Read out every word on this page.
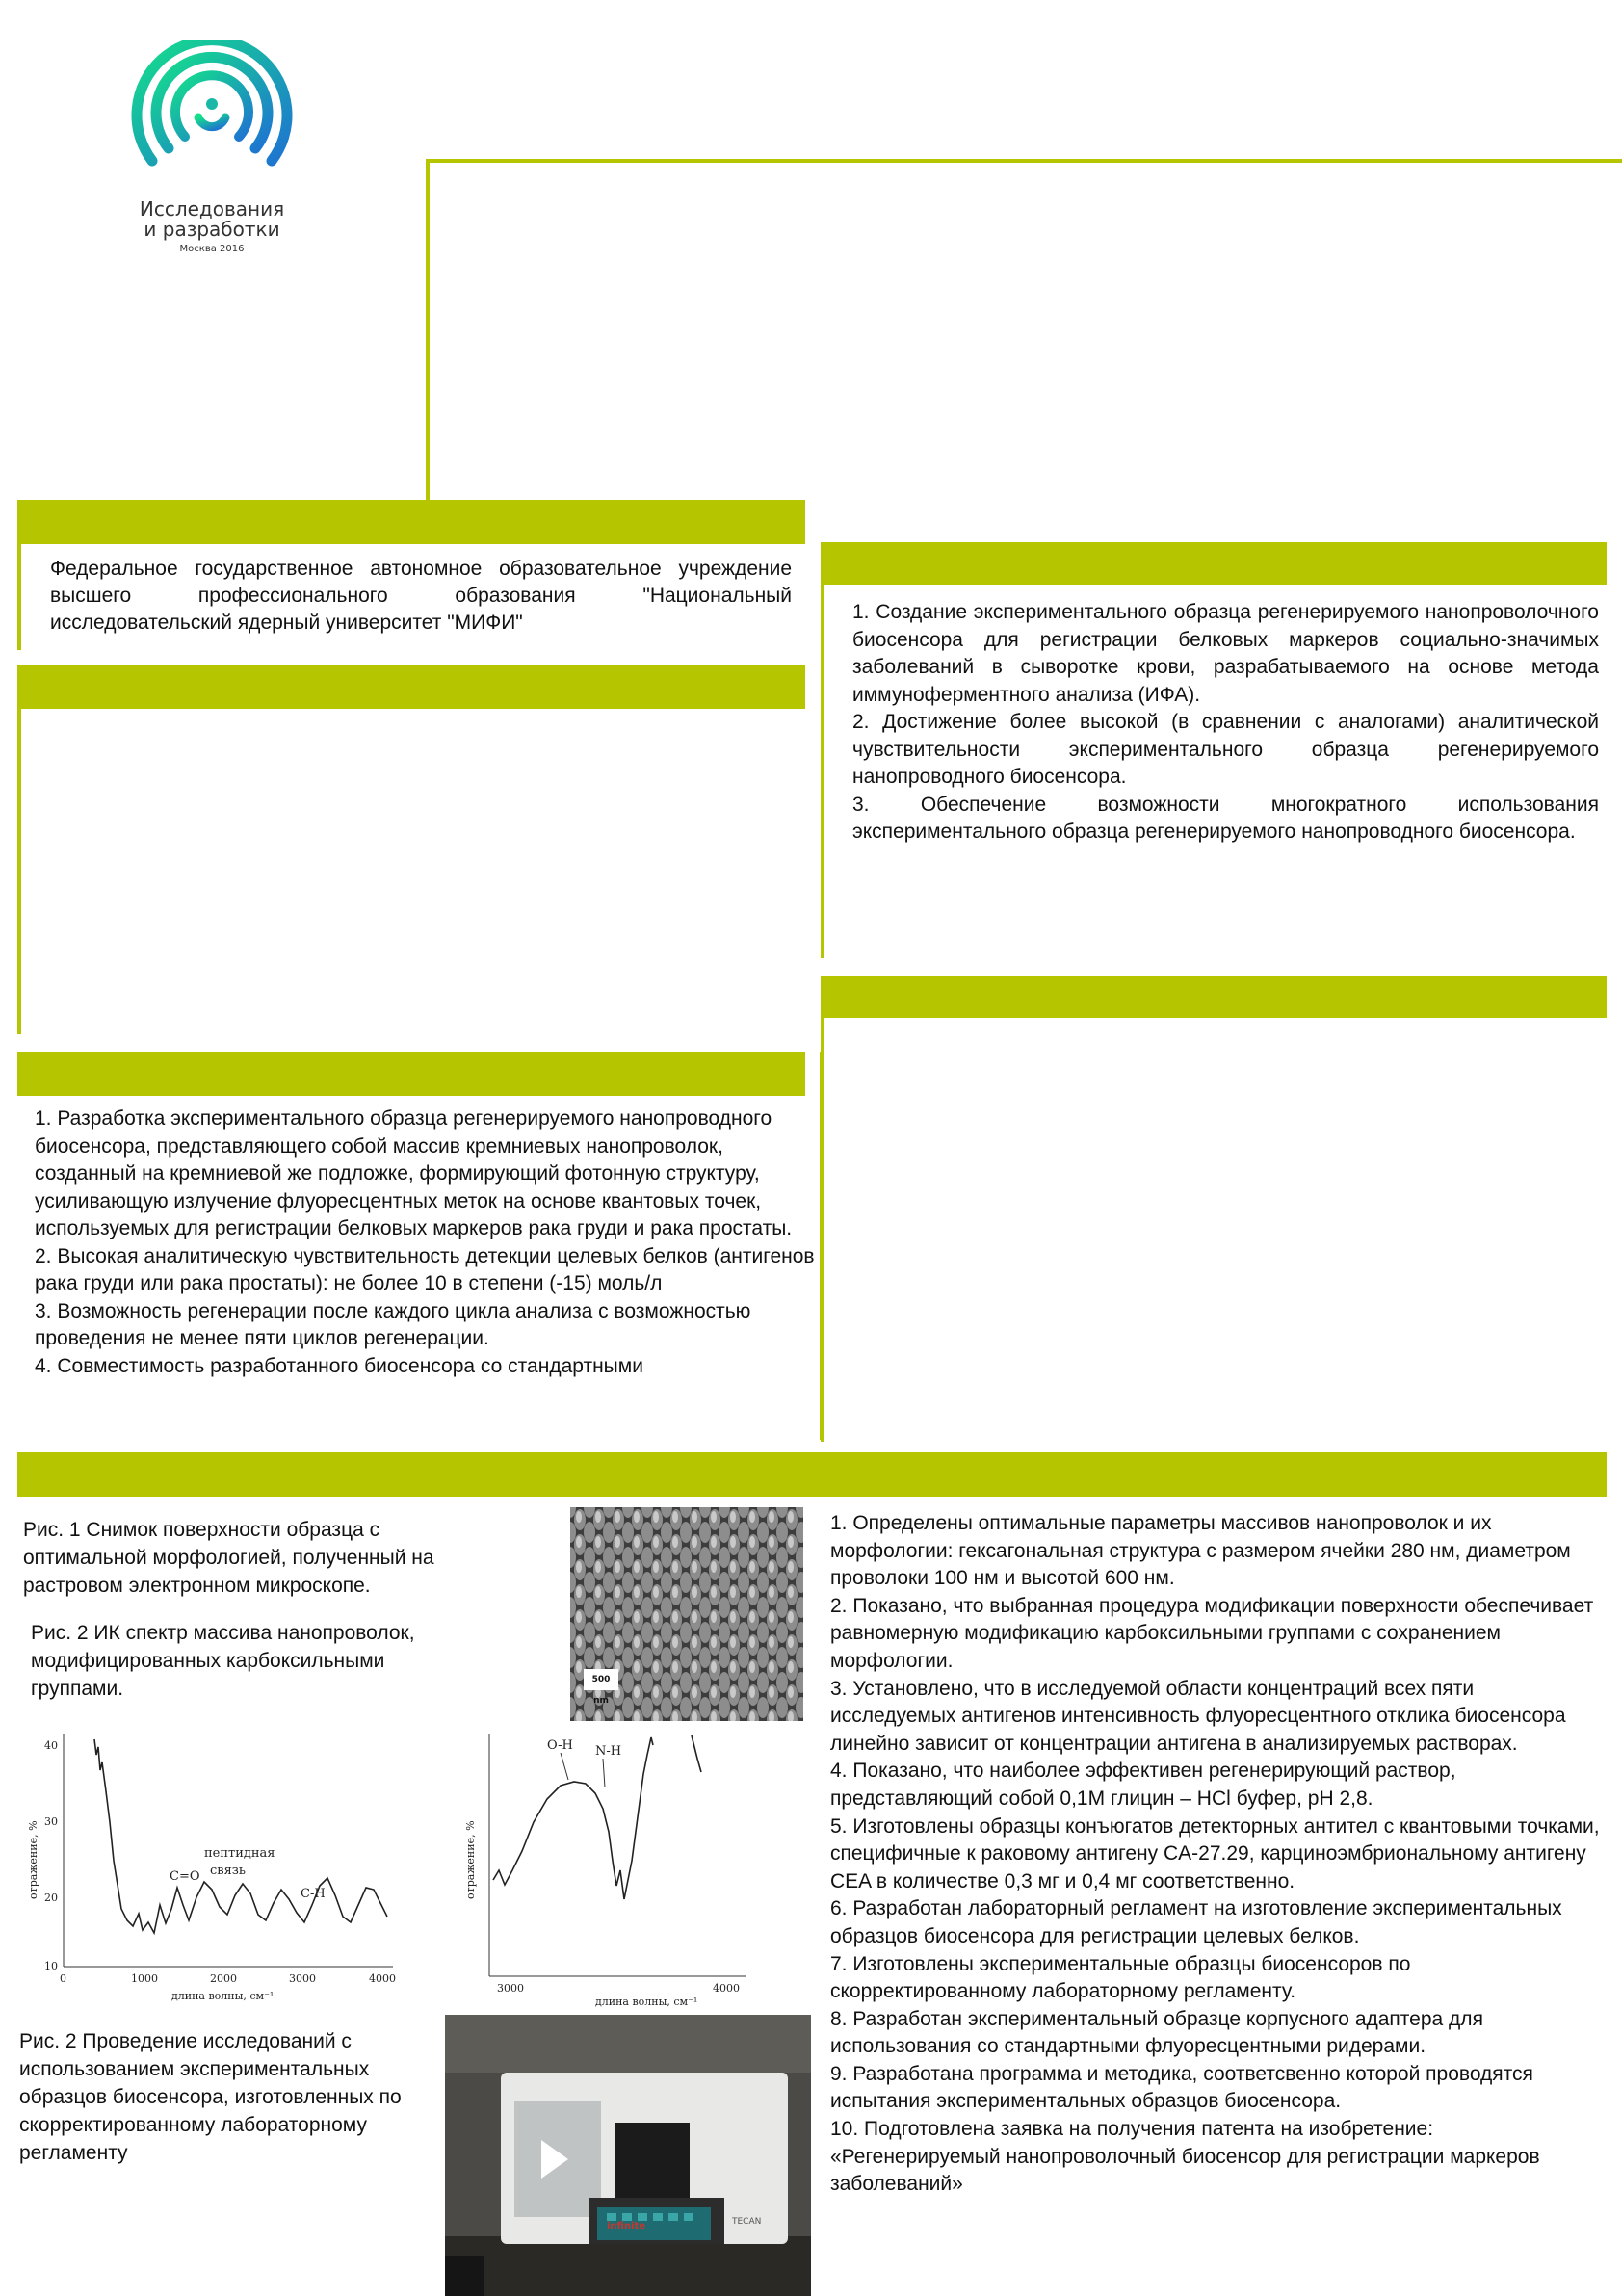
Исследования
и разработки
Москва 2016

Федеральное государственное автономное образовательное учреждение высшего профессионального образования "Национальный исследовательский ядерный университет "МИФИ"

1. Разработка экспериментального образца регенерируемого нанопроводного биосенсора, представляющего собой массив кремниевых нанопроволок, созданный на кремниевой же подложке, формирующий фотонную структуру, усиливающую излучение флуоресцентных меток на основе квантовых точек, используемых для регистрации белковых маркеров рака груди и рака простаты.

2. Высокая аналитическую чувствительность детекции целевых белков (антигенов рака груди или рака простаты): не более 10 в степени (-15) моль/л

3. Возможность регенерации после каждого цикла анализа с возможностью проведения не менее пяти циклов регенерации.

4. Совместимость разработанного биосенсора со стандартными

1. Создание экспериментального образца регенерируемого нанопроволочного биосенсора для регистрации белковых маркеров социально-значимых заболеваний в сыворотке крови, разрабатываемого на основе метода иммуноферментного анализа (ИФА).

2. Достижение более высокой (в сравнении с аналогами) аналитической чувствительности экспериментального образца регенерируемого нанопроводного биосенсора.

3. Обеспечение возможности многократного использования экспериментального образца регенерируемого нанопроводного биосенсора.

Рис. 1 Снимок поверхности образца с оптимальной морфологией, полученный на растровом электронном микроскопе.
Рис. 2 ИК спектр массива нанопроволок, модифицированных карбоксильными группами.
Рис. 2 Проведение исследований с использованием экспериментальных образцов биосенсора, изготовленных по скорректированному лабораторному регламенту
500 nm
40
30
20
10
0	1000	2000	3000	4000
длина волны, см⁻¹
отражение, %	C=O
пептидная
связь
C-H
3000	4000
длина волны, см⁻¹
отражение, %
O-H N-H
infinite	TECAN

1. Определены оптимальные параметры массивов нанопроволок и их морфологии: гексагональная структура с размером ячейки 280 нм, диаметром проволоки 100 нм и высотой 600 нм.

2. Показано, что выбранная процедура модификации поверхности обеспечивает равномерную модификацию карбоксильными группами с сохранением морфологии.

3. Установлено, что в исследуемой области концентраций всех пяти исследуемых антигенов интенсивность флуоресцентного отклика биосенсора линейно зависит от концентрации антигена в анализируемых растворах.

4. Показано, что наиболее эффективен регенерирующий раствор, представляющий собой 0,1М глицин – HCl буфер, pH 2,8.

5. Изготовлены образцы конъюгатов детекторных антител с квантовыми точками, специфичные к раковому антигену CA-27.29, карциноэмбриональному антигену CEA в количестве 0,3 мг и 0,4 мг соответственно.

6. Разработан лабораторный регламент на изготовление экспериментальных образцов биосенсора для регистрации целевых белков.

7. Изготовлены экспериментальные образцы биосенсоров по скорректированному лабораторному регламенту.

8. Разработан экспериментальный образце корпусного адаптера для использования со стандартными флуоресцентными ридерами.

9. Разработана программа и методика, соответсвенно которой проводятся испытания экспериментальных образцов биосенсора.

10. Подготовлена заявка на получения патента на изобретение: «Регенерируемый нанопроволочный биосенсор для регистрации маркеров заболеваний»
